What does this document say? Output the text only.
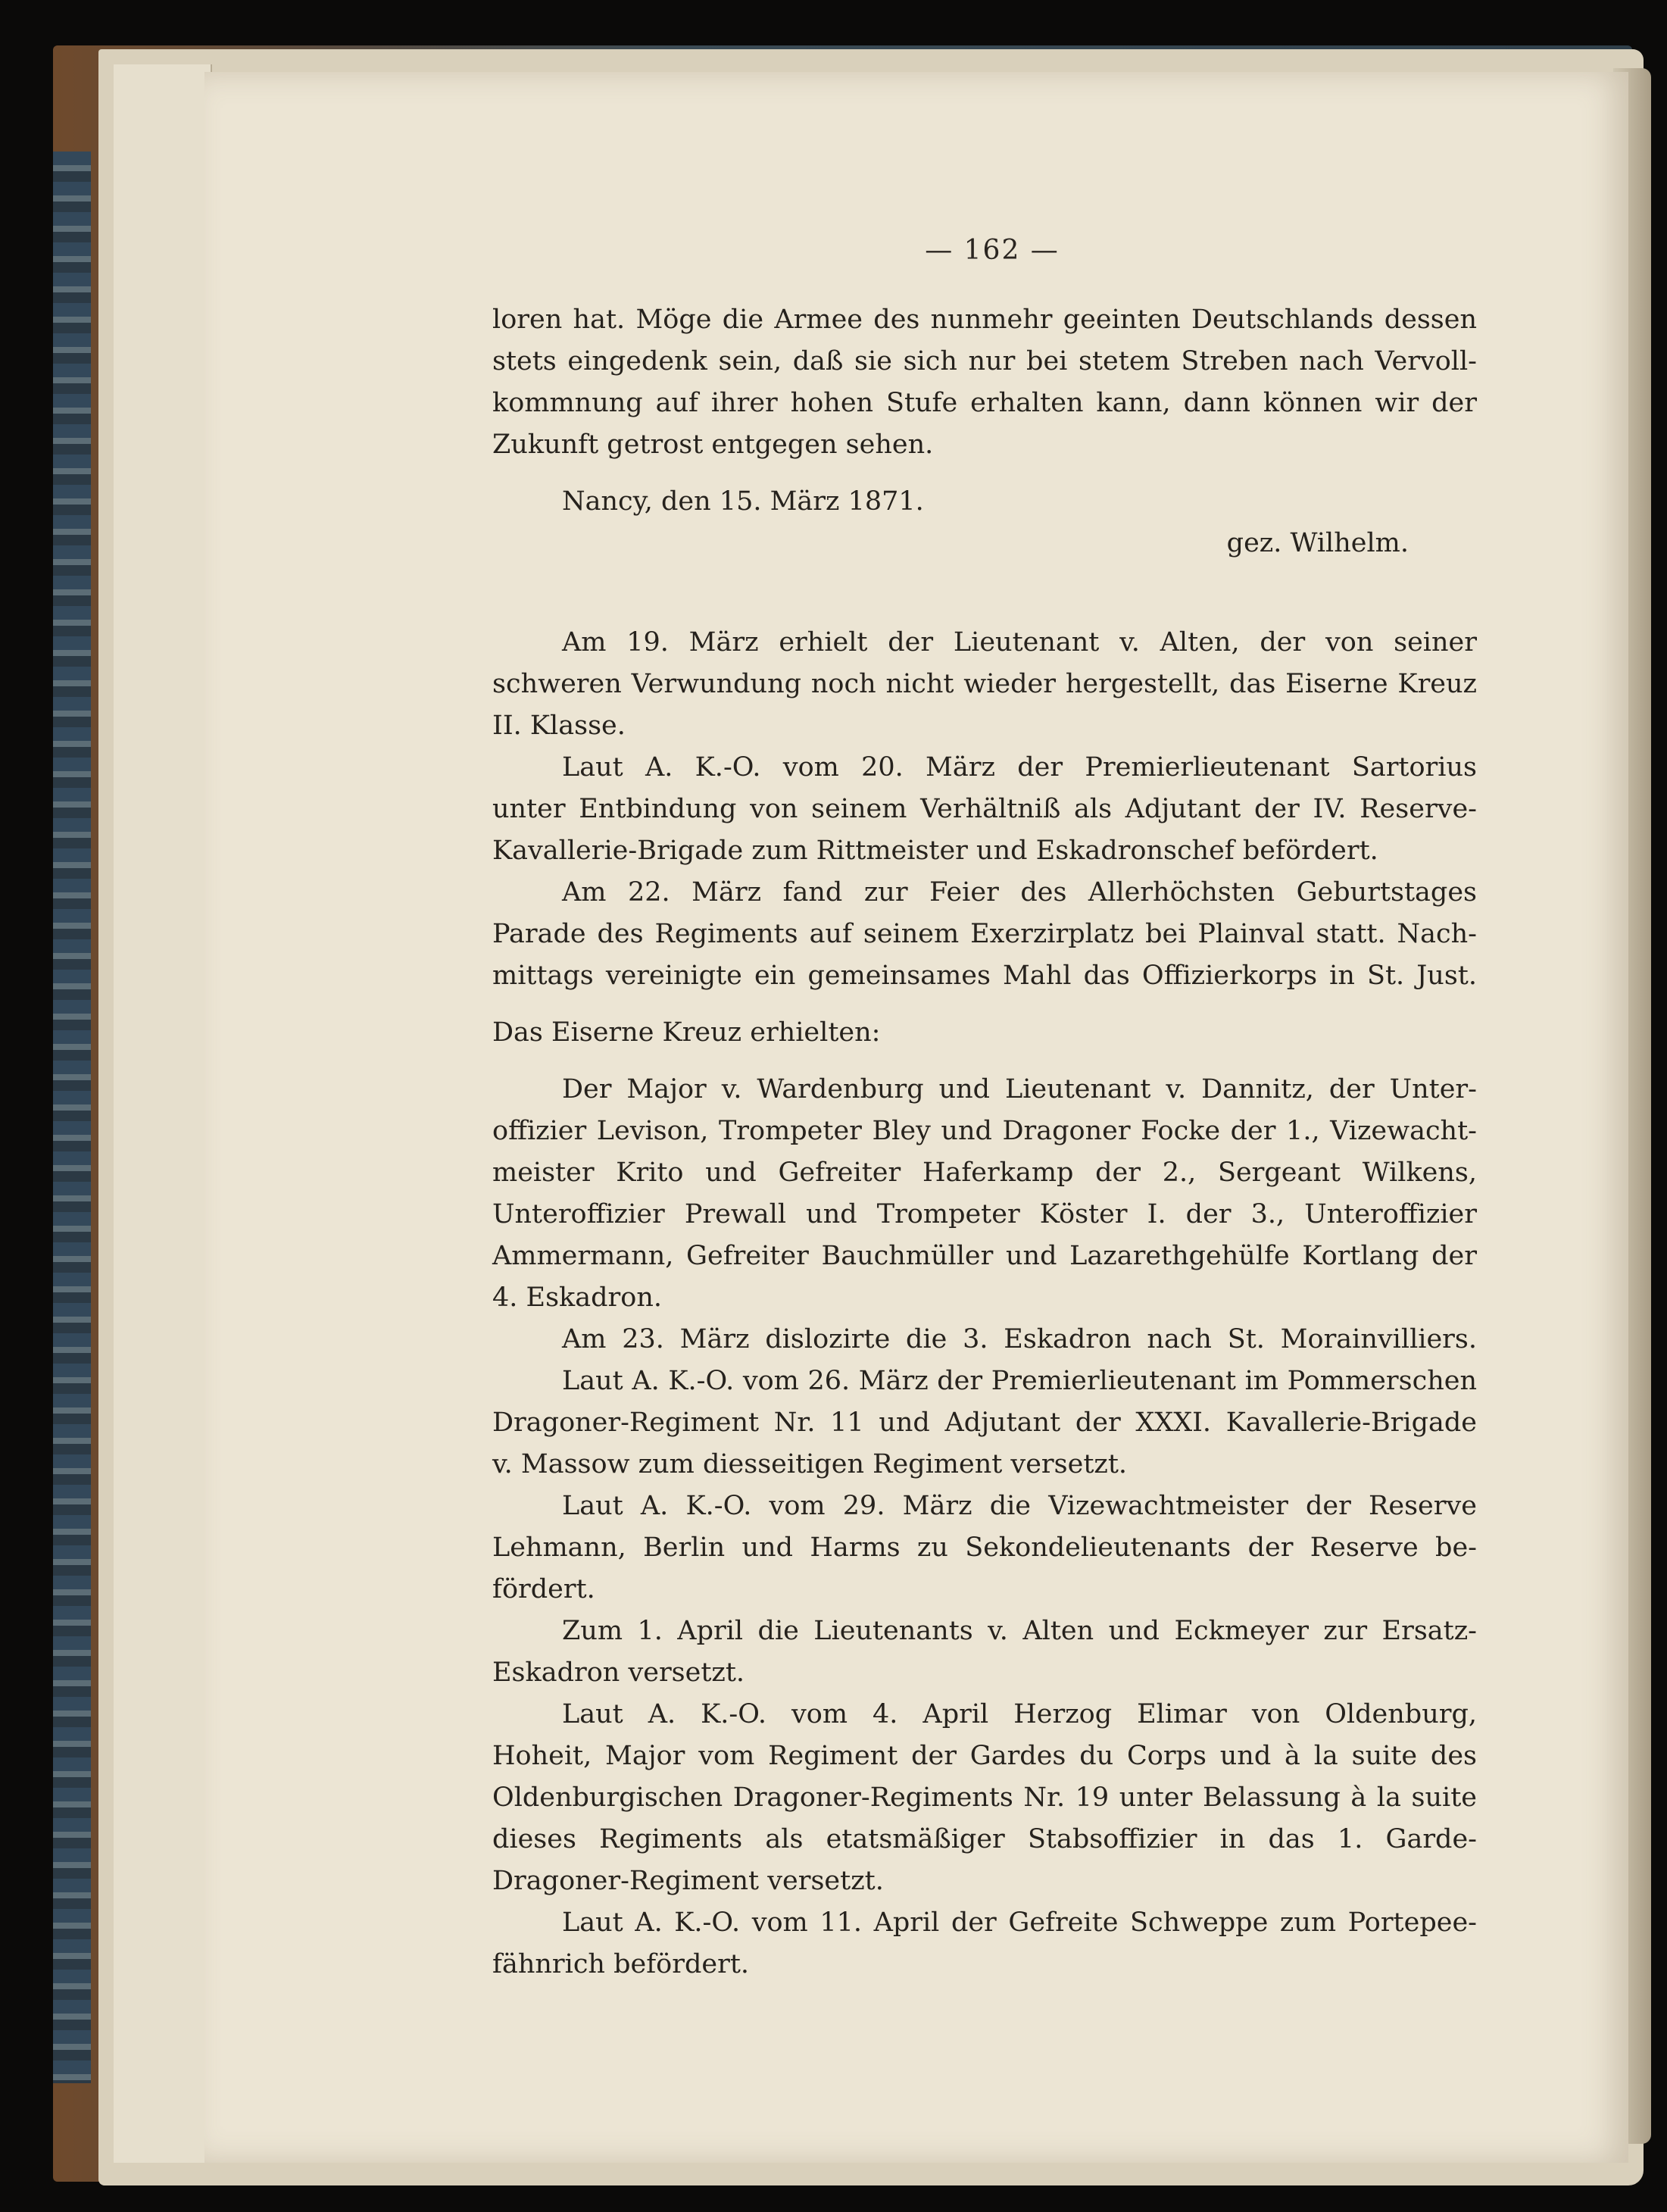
— 162 —
loren hat. Möge die Armee des nunmehr geeinten Deutschlands dessen
stets eingedenk sein, daß sie sich nur bei stetem Streben nach Vervoll-
kommnung auf ihrer hohen Stufe erhalten kann, dann können wir der
Zukunft getrost entgegen sehen.
Nancy, den 15. März 1871.
gez. Wilhelm.
Am 19. März erhielt der Lieutenant v. Alten, der von seiner
schweren Verwundung noch nicht wieder hergestellt, das Eiserne Kreuz
II. Klasse.
Laut A. K.-O. vom 20. März der Premierlieutenant Sartorius
unter Entbindung von seinem Verhältniß als Adjutant der IV. Reserve-
Kavallerie-Brigade zum Rittmeister und Eskadronschef befördert.
Am 22. März fand zur Feier des Allerhöchsten Geburtstages
Parade des Regiments auf seinem Exerzirplatz bei Plainval statt. Nach-
mittags vereinigte ein gemeinsames Mahl das Offizierkorps in St. Just.
Das Eiserne Kreuz erhielten:
Der Major v. Wardenburg und Lieutenant v. Dannitz, der Unter-
offizier Levison, Trompeter Bley und Dragoner Focke der 1., Vizewacht-
meister Krito und Gefreiter Haferkamp der 2., Sergeant Wilkens,
Unteroffizier Prewall und Trompeter Köster I. der 3., Unteroffizier
Ammermann, Gefreiter Bauchmüller und Lazarethgehülfe Kortlang der
4. Eskadron.
Am 23. März dislozirte die 3. Eskadron nach St. Morainvilliers.
Laut A. K.-O. vom 26. März der Premierlieutenant im Pommerschen
Dragoner-Regiment Nr. 11 und Adjutant der XXXI. Kavallerie-Brigade
v. Massow zum diesseitigen Regiment versetzt.
Laut A. K.-O. vom 29. März die Vizewachtmeister der Reserve
Lehmann, Berlin und Harms zu Sekondelieutenants der Reserve be-
fördert.
Zum 1. April die Lieutenants v. Alten und Eckmeyer zur Ersatz-
Eskadron versetzt.
Laut A. K.-O. vom 4. April Herzog Elimar von Oldenburg,
Hoheit, Major vom Regiment der Gardes du Corps und à la suite des
Oldenburgischen Dragoner-Regiments Nr. 19 unter Belassung à la suite
dieses Regiments als etatsmäßiger Stabsoffizier in das 1. Garde-
Dragoner-Regiment versetzt.
Laut A. K.-O. vom 11. April der Gefreite Schweppe zum Portepee-
fähnrich befördert.
